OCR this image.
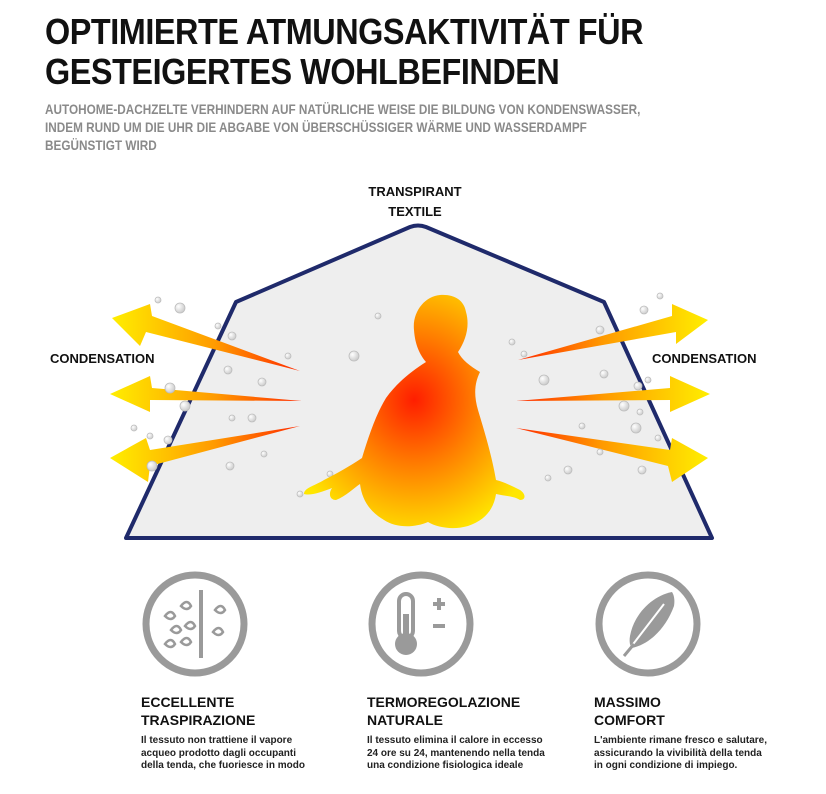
OPTIMIERTE ATMUNGSAKTIVITÄT FÜR
GESTEIGERTES WOHLBEFINDEN

AUTOHOME-DACHZELTE VERHINDERN AUF NATÜRLICHE WEISE DIE BILDUNG VON KONDENSWASSER,
INDEM RUND UM DIE UHR DIE ABGABE VON ÜBERSCHÜSSIGER WÄRME UND WASSERDAMPF
BEGÜNSTIGT WIRD

TRANSPIRANT
TEXTILE
CONDENSATION	CONDENSATION
ECCELLENTE
TRASPIRAZIONE

Il tessuto non trattiene il vapore
acqueo prodotto dagli occupanti
della tenda, che fuoriesce in modo

TERMOREGOLAZIONE
NATURALE

Il tessuto elimina il calore in eccesso
24 ore su 24, mantenendo nella tenda
una condizione fisiologica ideale

MASSIMO
COMFORT

L'ambiente rimane fresco e salutare,
assicurando la vivibilità della tenda
in ogni condizione di impiego.
